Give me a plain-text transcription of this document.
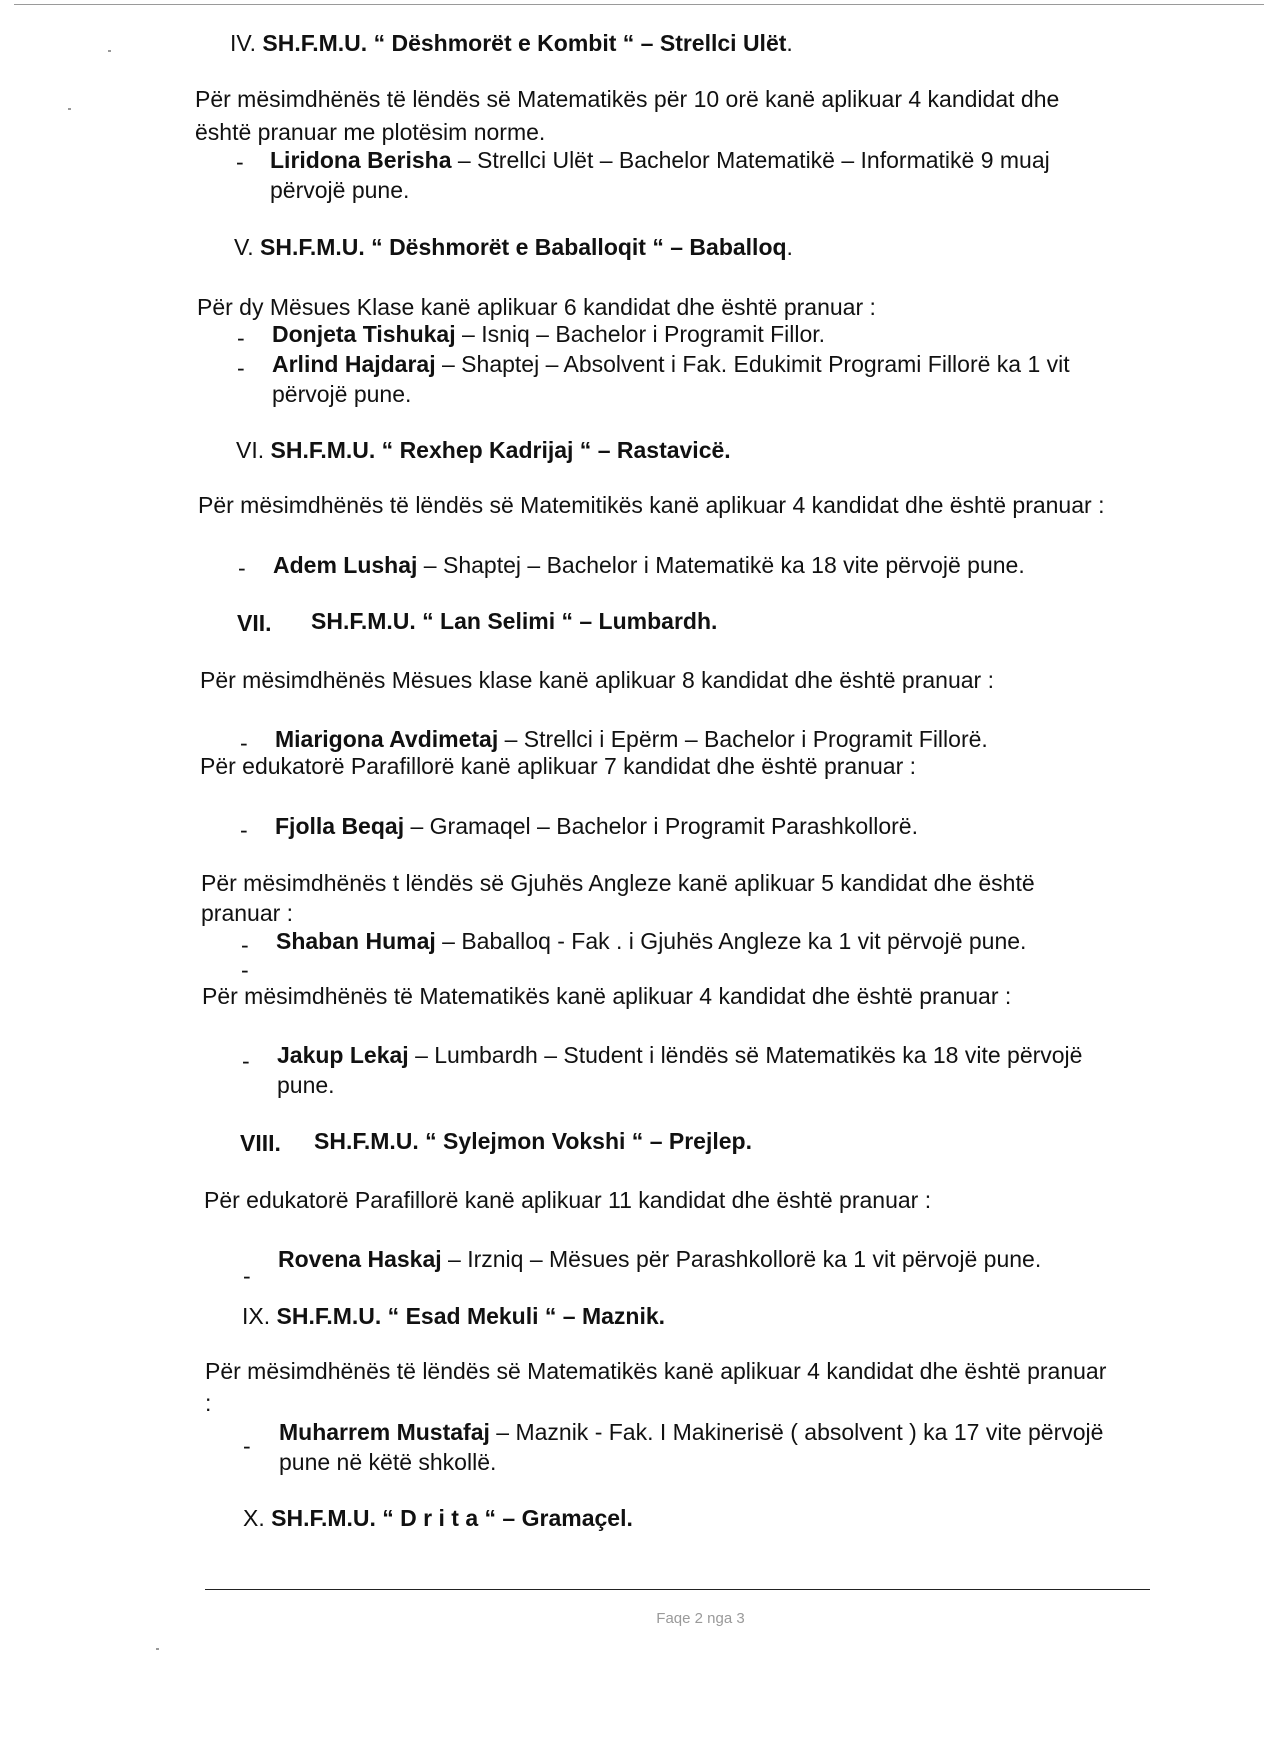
IV. SH.F.M.U. “ Dëshmorët e Kombit “ – Strellci Ulët.
Për mësimdhënës të lëndës së Matematikës për 10 orë kanë aplikuar 4 kandidat dhe
është pranuar me plotësim norme.
- Liridona Berisha – Strellci Ulët – Bachelor Matematikë – Informatikë 9 muaj
përvojë pune.
V. SH.F.M.U. “ Dëshmorët e Baballoqit “ – Baballoq.
Për dy Mësues Klase kanë aplikuar 6 kandidat dhe është pranuar :
- Donjeta Tishukaj – Isniq – Bachelor i Programit Fillor.
- Arlind Hajdaraj – Shaptej – Absolvent i Fak. Edukimit Programi Fillorë ka 1 vit
përvojë pune.
VI. SH.F.M.U. “ Rexhep Kadrijaj “ – Rastavicë.
Për mësimdhënës të lëndës së Matemitikës kanë aplikuar 4 kandidat dhe është pranuar :
- Adem Lushaj – Shaptej – Bachelor i Matematikë ka 18 vite përvojë pune.
VII. SH.F.M.U. “ Lan Selimi “ – Lumbardh.
Për mësimdhënës Mësues klase kanë aplikuar 8 kandidat dhe është pranuar :
- Miarigona Avdimetaj – Strellci i Epërm – Bachelor i Programit Fillorë.
Për edukatorë Parafillorë kanë aplikuar 7 kandidat dhe është pranuar :
- Fjolla Beqaj – Gramaqel – Bachelor i Programit Parashkollorë.
Për mësimdhënës t lëndës së Gjuhës Angleze kanë aplikuar 5 kandidat dhe është
pranuar :
- Shaban Humaj – Baballoq - Fak . i Gjuhës Angleze ka 1 vit përvojë pune.
-
Për mësimdhënës të Matematikës kanë aplikuar 4 kandidat dhe është pranuar :
- Jakup Lekaj – Lumbardh – Student i lëndës së Matematikës ka 18 vite përvojë
pune.
VIII. SH.F.M.U. “ Sylejmon Vokshi “ – Prejlep.
Për edukatorë Parafillorë kanë aplikuar 11 kandidat dhe është pranuar :
-
Rovena Haskaj – Irzniq – Mësues për Parashkollorë ka 1 vit përvojë pune.
IX. SH.F.M.U. “ Esad Mekuli “ – Maznik.
Për mësimdhënës të lëndës së Matematikës kanë aplikuar 4 kandidat dhe është pranuar
:
-
Muharrem Mustafaj – Maznik - Fak. I Makinerisë ( absolvent ) ka 17 vite përvojë
pune në këtë shkollë.
X. SH.F.M.U. “ D r i t a “ – Gramaçel.
Faqe 2 nga 3
